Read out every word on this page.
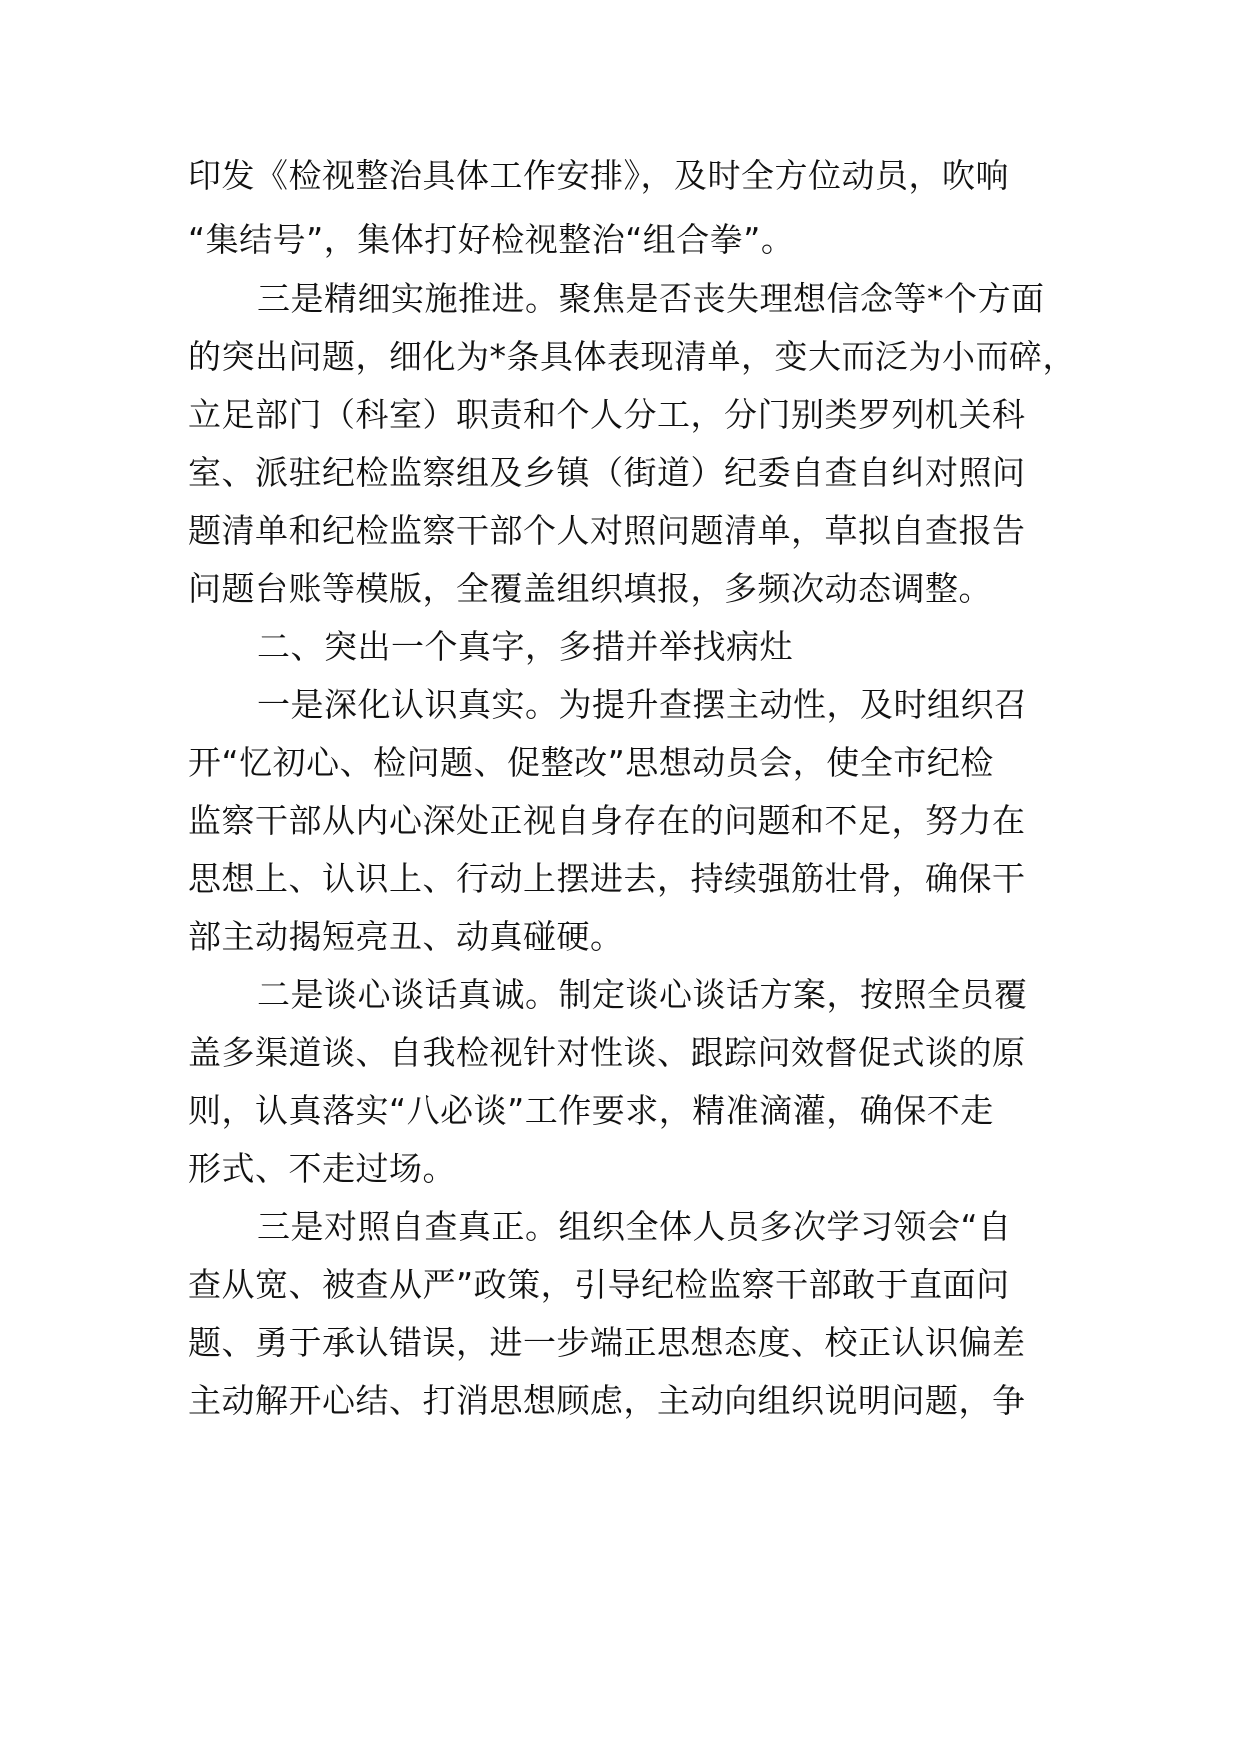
印发《检视整治具体工作安排》，及时全方位动员，吹响
“集结号”，集体打好检视整治“组合拳”。
三是精细实施推进。聚焦是否丧失理想信念等*个方面
的突出问题，细化为*条具体表现清单，变大而泛为小而碎，
立足部门（科室）职责和个人分工，分门别类罗列机关科
室、派驻纪检监察组及乡镇（街道）纪委自查自纠对照问
题清单和纪检监察干部个人对照问题清单，草拟自查报告
问题台账等模版，全覆盖组织填报，多频次动态调整。
二、突出一个真字，多措并举找病灶
一是深化认识真实。为提升查摆主动性，及时组织召
开“忆初心、检问题、促整改”思想动员会，使全市纪检
监察干部从内心深处正视自身存在的问题和不足，努力在
思想上、认识上、行动上摆进去，持续强筋壮骨，确保干
部主动揭短亮丑、动真碰硬。
二是谈心谈话真诚。制定谈心谈话方案，按照全员覆
盖多渠道谈、自我检视针对性谈、跟踪问效督促式谈的原
则，认真落实“八必谈”工作要求，精准滴灌，确保不走
形式、不走过场。
三是对照自查真正。组织全体人员多次学习领会“自
查从宽、被查从严”政策，引导纪检监察干部敢于直面问
题、勇于承认错误，进一步端正思想态度、校正认识偏差
主动解开心结、打消思想顾虑，主动向组织说明问题，争
